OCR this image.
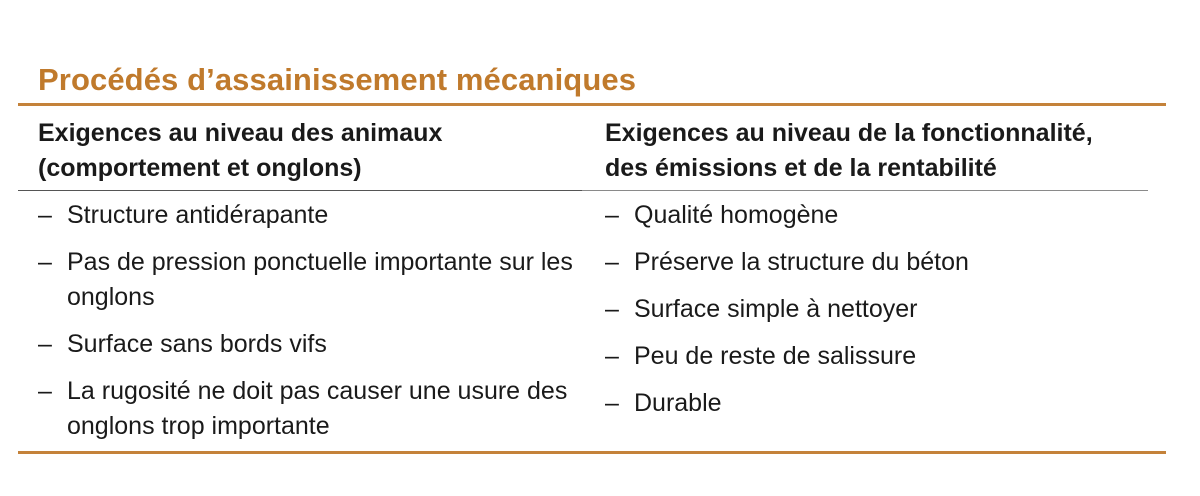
Procédés d’assainissement mécaniques
Exigences au niveau des animaux
(comportement et onglons)
Exigences au niveau de la fonctionnalité,
des émissions et de la rentabilité
– Structure antidérapante
– Pas de pression ponctuelle importante sur les onglons
– Surface sans bords vifs
– La rugosité ne doit pas causer une usure des onglons trop importante
– Qualité homogène
– Préserve la structure du béton
– Surface simple à nettoyer
– Peu de reste de salissure
– Durable
